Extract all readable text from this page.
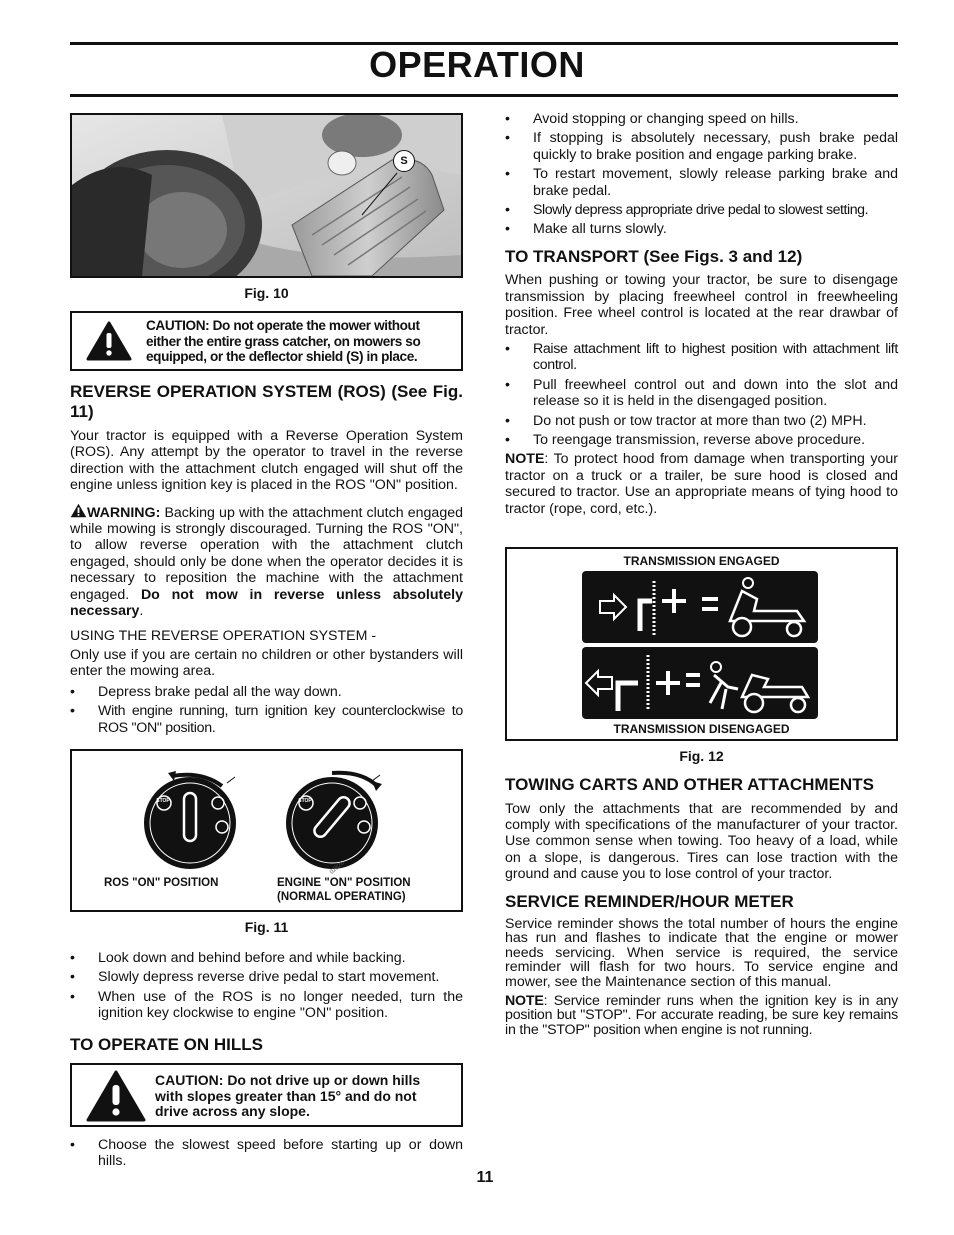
OPERATION
S
Fig. 10
CAUTION: Do not operate the mower without either the entire grass catcher, on mowers so equipped, or the deflector shield (S) in place.
REVERSE OPERATION SYSTEM (ROS) (See Fig. 11)

Your tractor is equipped with a Reverse Operation System (ROS). Any attempt by the operator to travel in the reverse direction with the attachment clutch engaged will shut off the engine unless ignition key is placed in the ROS "ON" position.

WARNING: Backing up with the attachment clutch engaged while mowing is strongly discouraged. Turning the ROS "ON", to allow reverse operation with the attachment clutch engaged, should only be done when the operator decides it is necessary to reposition the machine with the attachment engaged. Do not mow in reverse unless absolutely necessary.

USING THE REVERSE OPERATION SYSTEM -

Only use if you are certain no children or other bystanders will enter the mowing area.

• Depress brake pedal all the way down.
• With engine running, turn ignition key counterclockwise to ROS "ON" position.
STOP	STOP
02826
ROS "ON" POSITION	ENGINE "ON" POSITION
(NORMAL OPERATING)
Fig. 11
• Look down and behind before and while backing.
• Slowly depress reverse drive pedal to start movement.
• When use of the ROS is no longer needed, turn the ignition key clockwise to engine "ON" position.
TO OPERATE ON HILLS
CAUTION: Do not drive up or down hills with slopes greater than 15° and do not drive across any slope.
• Choose the slowest speed before starting up or down hills.
11
• Avoid stopping or changing speed on hills.
• If stopping is absolutely necessary, push brake pedal quickly to brake position and engage parking brake.
• To restart movement, slowly release parking brake and brake pedal.
• Slowly depress appropriate drive pedal to slowest setting.
• Make all turns slowly.
TO TRANSPORT (See Figs. 3 and 12)

When pushing or towing your tractor, be sure to disengage transmission by placing freewheel control in freewheeling position. Free wheel control is located at the rear drawbar of tractor.

• Raise attachment lift to highest position with attachment lift control.
• Pull freewheel control out and down into the slot and release so it is held in the disengaged position.
• Do not push or tow tractor at more than two (2) MPH.
• To reengage transmission, reverse above procedure.

NOTE: To protect hood from damage when transporting your tractor on a truck or a trailer, be sure hood is closed and secured to tractor. Use an appropriate means of tying hood to tractor (rope, cord, etc.).

TRANSMISSION ENGAGED
TRANSMISSION DISENGAGED
Fig. 12
TOWING CARTS AND OTHER ATTACHMENTS

Tow only the attachments that are recommended by and comply with specifications of the manufacturer of your tractor. Use common sense when towing. Too heavy of a load, while on a slope, is dangerous. Tires can lose traction with the ground and cause you to lose control of your tractor.

SERVICE REMINDER/HOUR METER

Service reminder shows the total number of hours the engine has run and flashes to indicate that the engine or mower needs servicing. When service is required, the service reminder will flash for two hours. To service engine and mower, see the Maintenance section of this manual.

NOTE: Service reminder runs when the ignition key is in any position but "STOP". For accurate reading, be sure key remains in the "STOP" position when engine is not running.
